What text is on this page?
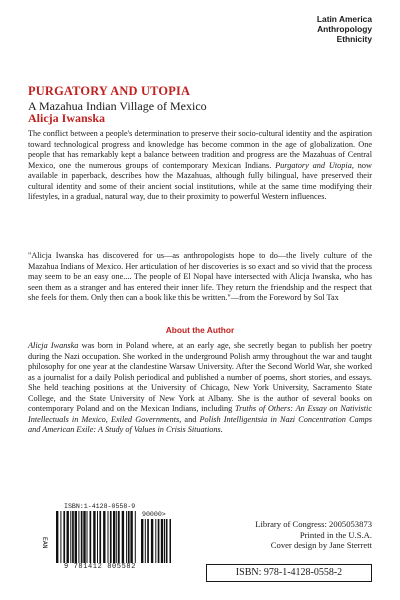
Latin America
Anthropology
Ethnicity
PURGATORY AND UTOPIA
A Mazahua Indian Village of Mexico
Alicja Iwanska
The conflict between a people's determination to preserve their socio-cultural identity and the aspiration toward technological progress and knowledge has become common in the age of globalization. One people that has remarkably kept a balance between tradition and progress are the Mazahuas of Central Mexico, one the numerous groups of contemporary Mexican Indians. Purgatory and Utopia, now available in paperback, describes how the Mazahuas, although fully bilingual, have preserved their cultural identity and some of their ancient social institutions, while at the same time modifying their lifestyles, in a gradual, natural way, due to their proximity to powerful Western influences.
"Alicja Iwanska has discovered for us—as anthropologists hope to do—the lively culture of the Mazahua Indians of Mexico. Her articulation of her discoveries is so exact and so vivid that the process may seem to be an easy one.... The people of El Nopal have intersected with Alicja Iwanska, who has seen them as a stranger and has entered their inner life. They return the friendship and the respect that she feels for them. Only then can a book like this be written."—from the Foreword by Sol Tax
About the Author
Alicja Iwanska was born in Poland where, at an early age, she secretly began to publish her poetry during the Nazi occupation. She worked in the underground Polish army throughout the war and taught philosophy for one year at the clandestine Warsaw University. After the Second World War, she worked as a journalist for a daily Polish periodical and published a number of poems, short stories, and essays. She held teaching positions at the University of Chicago, New York University, Sacramento State College, and the State University of New York at Albany. She is the author of several books on contemporary Poland and on the Mexican Indians, including Truths of Others: An Essay on Nativistic Intellectuals in Mexico, Exiled Governments, and Polish Intelligentsia in Nazi Concentration Camps and American Exile: A Study of Values in Crisis Situations.
ISBN:1-4128-0558-9
EAN
9 781412 805582
90000>
Library of Congress: 2005053873
Printed in the U.S.A.
Cover design by Jane Sterrett
ISBN: 978-1-4128-0558-2
